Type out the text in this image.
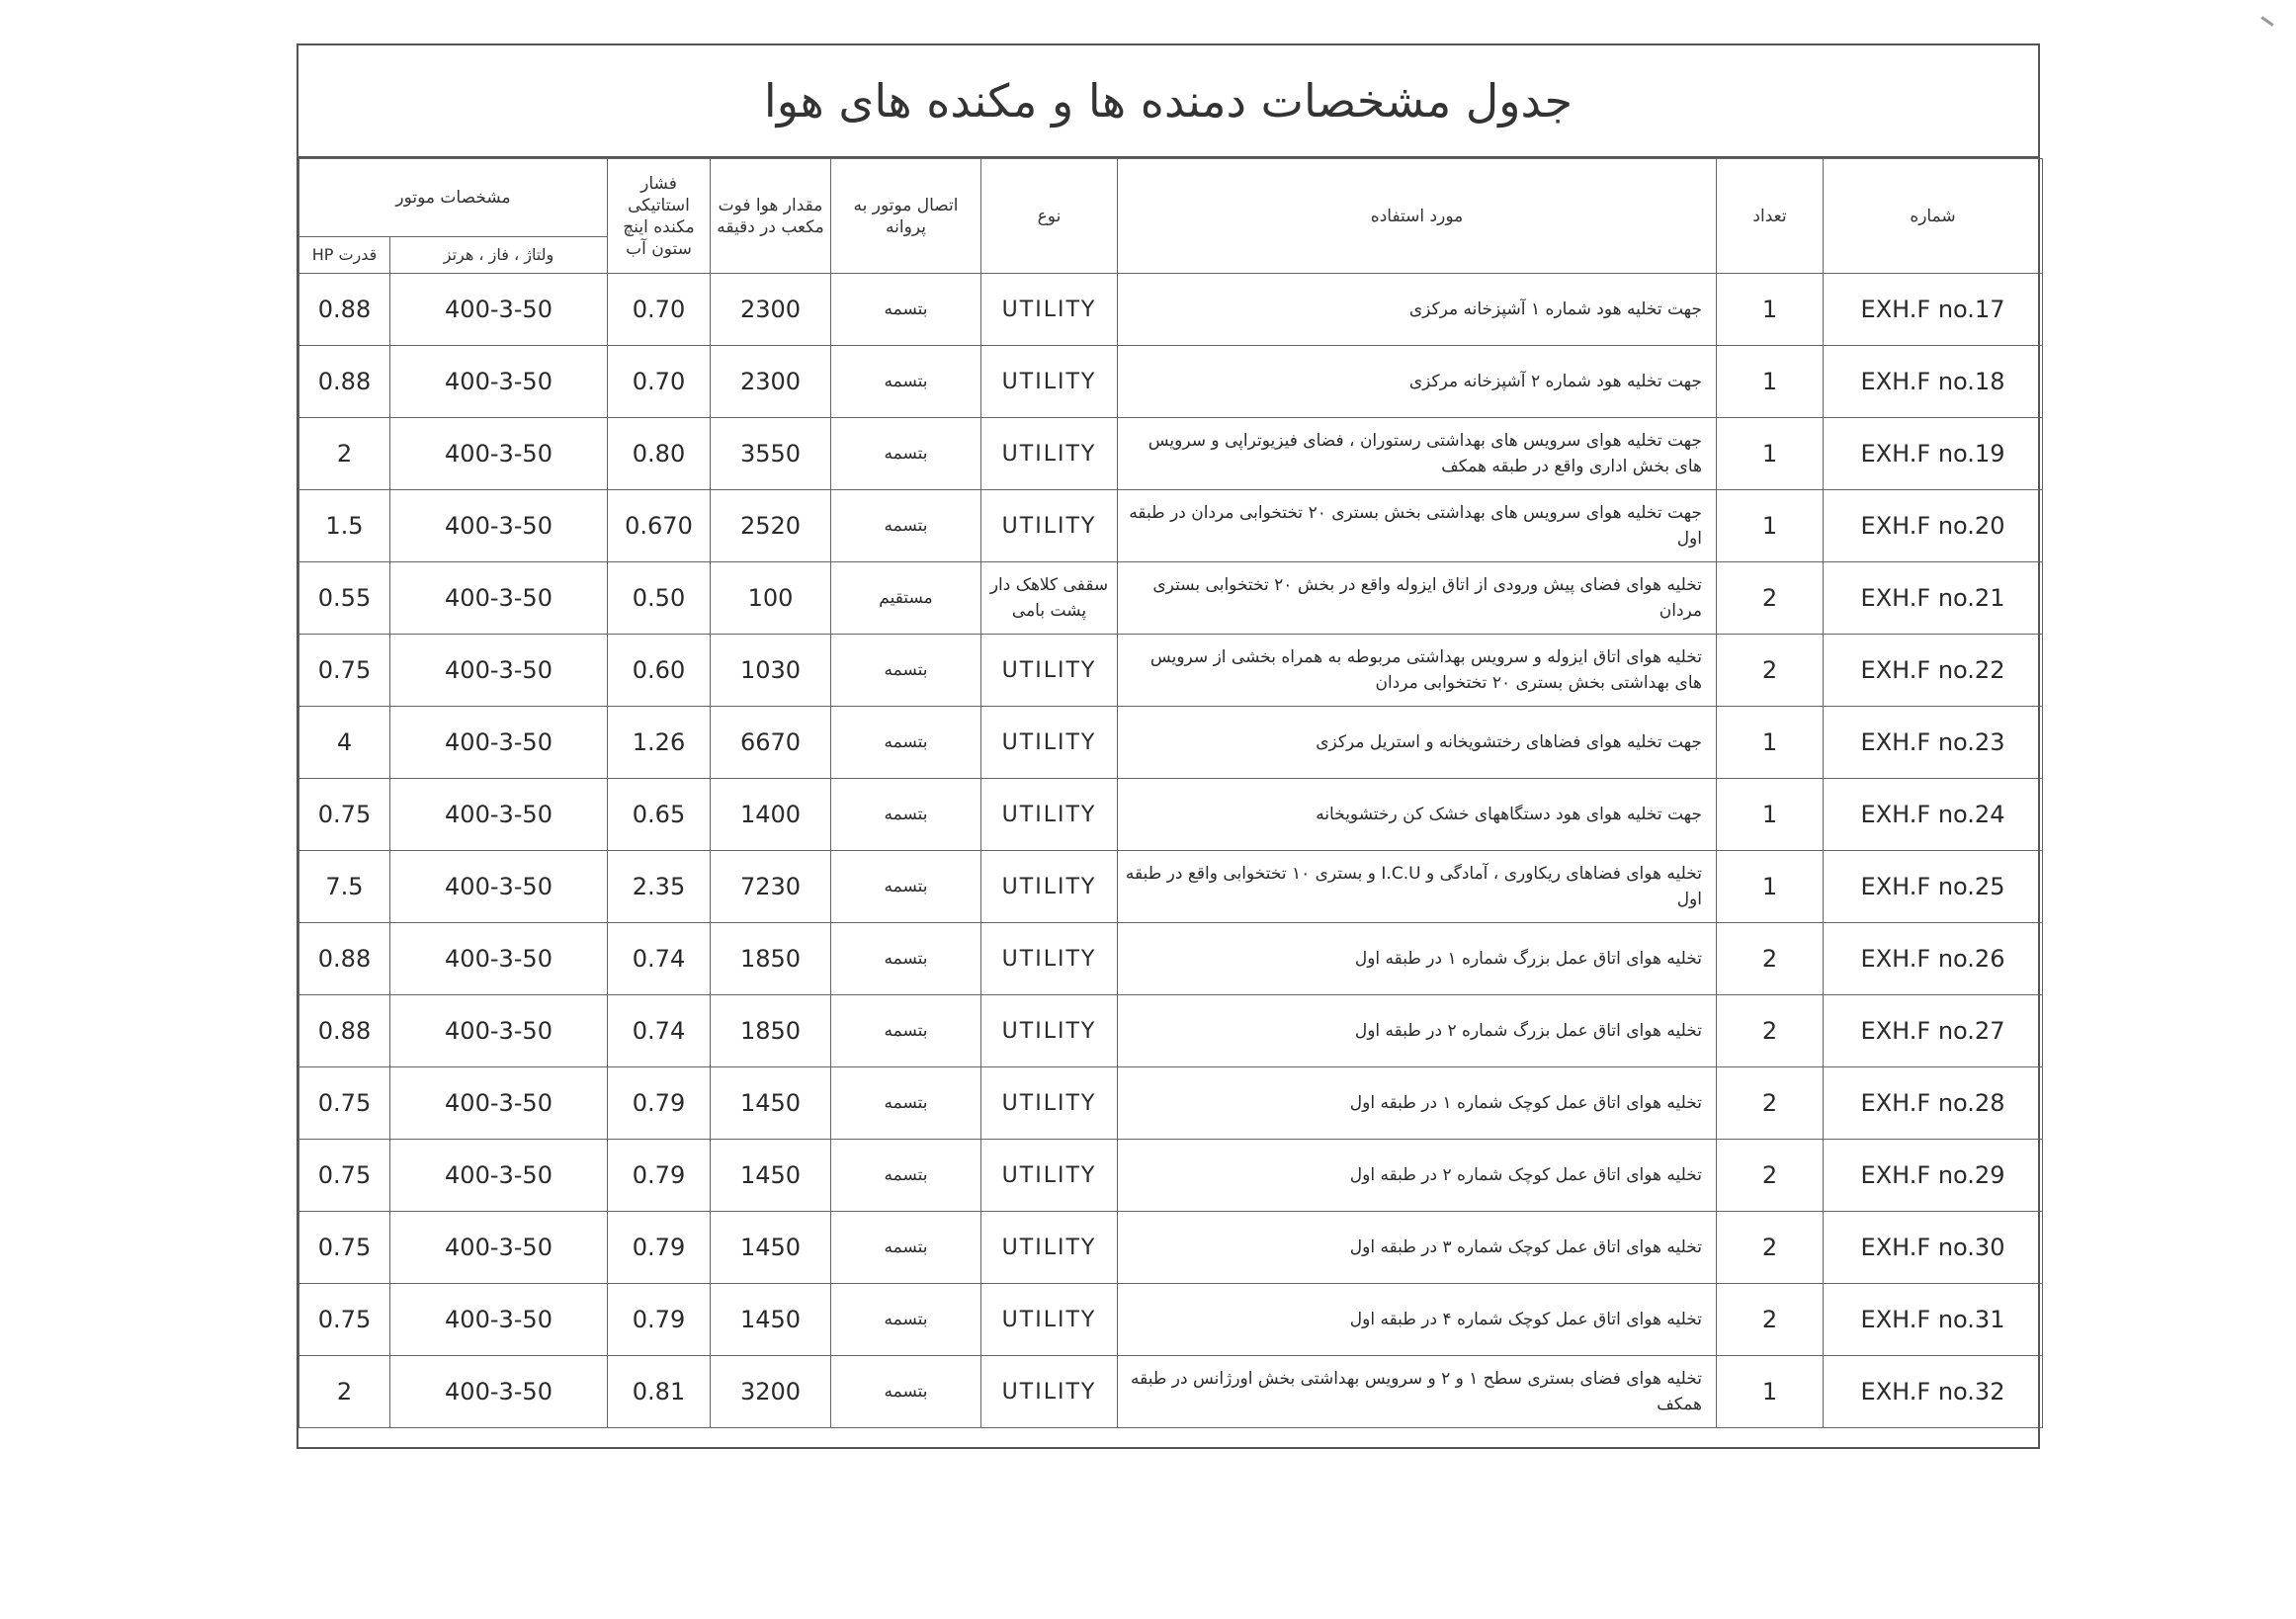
جدول مشخصات دمنده ها و مکنده های هوا
شماره	تعداد	مورد استفاده	نوع	اتصال موتور به پروانه	مقدار هوا فوت مکعب در دقیقه	فشار استاتیکی مکنده اینچ ستون آب	مشخصات موتور	
							ولتاژ ، فاز ، هرتز	قدرت HP
EXH.F no.17	1	جهت تخلیه هود شماره ۱ آشپزخانه مرکزی	UTILITY	بتسمه	2300	0.70	400-3-50	0.88
EXH.F no.18	1	جهت تخلیه هود شماره ۲ آشپزخانه مرکزی	UTILITY	بتسمه	2300	0.70	400-3-50	0.88
EXH.F no.19	1	جهت تخلیه هوای سرویس های بهداشتی رستوران ، فضای فیزیوتراپی و سرویس های بخش اداری واقع در طبقه همکف	UTILITY	بتسمه	3550	0.80	400-3-50	2
EXH.F no.20	1	جهت تخلیه هوای سرویس های بهداشتی بخش بستری ۲۰ تختخوابی مردان در طبقه اول	UTILITY	بتسمه	2520	0.670	400-3-50	1.5
EXH.F no.21	2	تخلیه هوای فضای پیش ورودی از اتاق ایزوله واقع در بخش ۲۰ تختخوابی بستری مردان	سقفی کلاهک دار پشت بامی	مستقیم	100	0.50	400-3-50	0.55
EXH.F no.22	2	تخلیه هوای اتاق ایزوله و سرویس بهداشتی مربوطه به همراه بخشی از سرویس های بهداشتی بخش بستری ۲۰ تختخوابی مردان	UTILITY	بتسمه	1030	0.60	400-3-50	0.75
EXH.F no.23	1	جهت تخلیه هوای فضاهای رختشویخانه و استریل مرکزی	UTILITY	بتسمه	6670	1.26	400-3-50	4
EXH.F no.24	1	جهت تخلیه هوای هود دستگاههای خشک کن رختشویخانه	UTILITY	بتسمه	1400	0.65	400-3-50	0.75
EXH.F no.25	1	تخلیه هوای فضاهای ریکاوری ، آمادگی و I.C.U و بستری ۱۰ تختخوابی واقع در طبقه اول	UTILITY	بتسمه	7230	2.35	400-3-50	7.5
EXH.F no.26	2	تخلیه هوای اتاق عمل بزرگ شماره ۱ در طبقه اول	UTILITY	بتسمه	1850	0.74	400-3-50	0.88
EXH.F no.27	2	تخلیه هوای اتاق عمل بزرگ شماره ۲ در طبقه اول	UTILITY	بتسمه	1850	0.74	400-3-50	0.88
EXH.F no.28	2	تخلیه هوای اتاق عمل کوچک شماره ۱ در طبقه اول	UTILITY	بتسمه	1450	0.79	400-3-50	0.75
EXH.F no.29	2	تخلیه هوای اتاق عمل کوچک شماره ۲ در طبقه اول	UTILITY	بتسمه	1450	0.79	400-3-50	0.75
EXH.F no.30	2	تخلیه هوای اتاق عمل کوچک شماره ۳ در طبقه اول	UTILITY	بتسمه	1450	0.79	400-3-50	0.75
EXH.F no.31	2	تخلیه هوای اتاق عمل کوچک شماره ۴ در طبقه اول	UTILITY	بتسمه	1450	0.79	400-3-50	0.75
EXH.F no.32	1	تخلیه هوای فضای بستری سطح ۱ و ۲ و سرویس بهداشتی بخش اورژانس در طبقه همکف	UTILITY	بتسمه	3200	0.81	400-3-50	2
